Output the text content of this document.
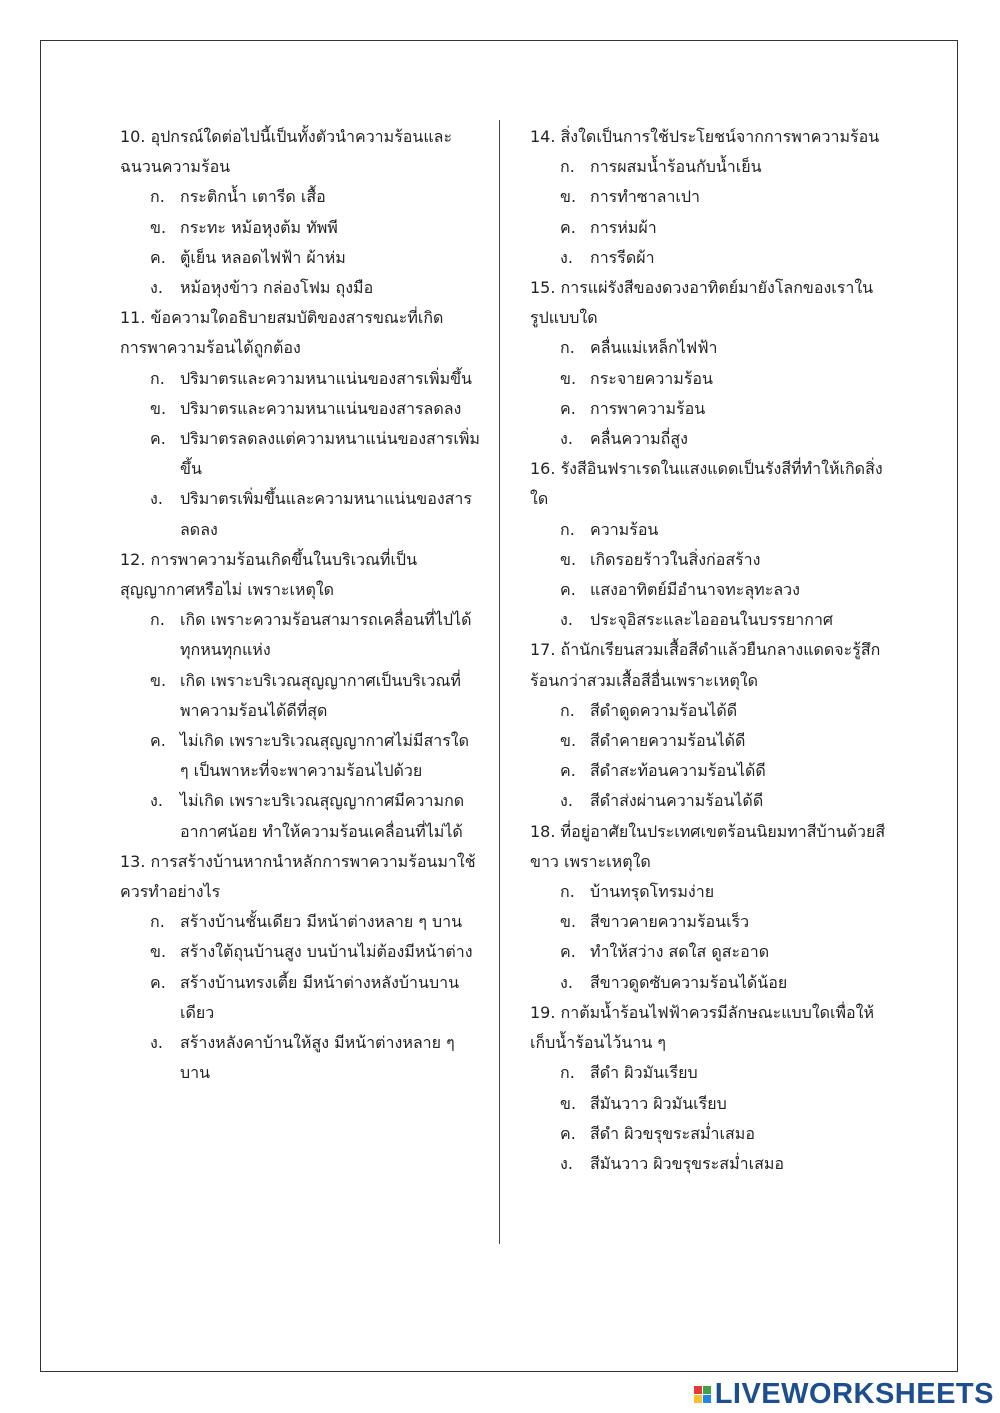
10. อุปกรณ์ใดต่อไปนี้เป็นทั้งตัวนำความร้อนและฉนวนความร้อน
ก. กระติกน้ำ เตารีด เสื้อ
ข. กระทะ หม้อหุงต้ม ทัพพี
ค. ตู้เย็น หลอดไฟฟ้า ผ้าห่ม
ง.	หม้อหุงข้าว กล่องโฟม ถุงมือ
11. ข้อความใดอธิบายสมบัติของสารขณะที่เกิดการพาความร้อนได้ถูกต้อง
ก. ปริมาตรและความหนาแน่นของสารเพิ่มขึ้น
ข. ปริมาตรและความหนาแน่นของสารลดลง
ค. ปริมาตรลดลงแต่ความหนาแน่นของสารเพิ่มขึ้น
ง.	ปริมาตรเพิ่มขึ้นและความหนาแน่นของสารลดลง
12. การพาความร้อนเกิดขึ้นในบริเวณที่เป็นสุญญากาศหรือไม่ เพราะเหตุใด
ก. เกิด เพราะความร้อนสามารถเคลื่อนที่ไปได้ทุกหนทุกแห่ง
ข. เกิด เพราะบริเวณสุญญากาศเป็นบริเวณที่พาความร้อนได้ดีที่สุด
ค. ไม่เกิด เพราะบริเวณสุญญากาศไม่มีสารใด ๆ เป็นพาหะที่จะพาความร้อนไปด้วย
ง.	ไม่เกิด เพราะบริเวณสุญญากาศมีความกดอากาศน้อย ทำให้ความร้อนเคลื่อนที่ไม่ได้
13. การสร้างบ้านหากนำหลักการพาความร้อนมาใช้ควรทำอย่างไร
ก. สร้างบ้านชั้นเดียว มีหน้าต่างหลาย ๆ บาน
ข. สร้างใต้ถุนบ้านสูง บนบ้านไม่ต้องมีหน้าต่าง
ค. สร้างบ้านทรงเตี้ย มีหน้าต่างหลังบ้านบานเดียว
ง.	สร้างหลังคาบ้านให้สูง มีหน้าต่างหลาย ๆ บาน
14. สิ่งใดเป็นการใช้ประโยชน์จากการพาความร้อน
ก. การผสมน้ำร้อนกับน้ำเย็น
ข. การทำซาลาเปา
ค. การห่มผ้า
ง.	การรีดผ้า
15. การแผ่รังสีของดวงอาทิตย์มายังโลกของเราในรูปแบบใด
ก. คลื่นแม่เหล็กไฟฟ้า
ข. กระจายความร้อน
ค. การพาความร้อน
ง.	คลื่นความถี่สูง
16. รังสีอินฟราเรดในแสงแดดเป็นรังสีที่ทำให้เกิดสิ่งใด
ก. ความร้อน
ข. เกิดรอยร้าวในสิ่งก่อสร้าง
ค. แสงอาทิตย์มีอำนาจทะลุทะลวง
ง.	ประจุอิสระและไอออนในบรรยากาศ
17. ถ้านักเรียนสวมเสื้อสีดำแล้วยืนกลางแดดจะรู้สึกร้อนกว่าสวมเสื้อสีอื่นเพราะเหตุใด
ก. สีดำดูดความร้อนได้ดี
ข. สีดำคายความร้อนได้ดี
ค. สีดำสะท้อนความร้อนได้ดี
ง.	สีดำส่งผ่านความร้อนได้ดี
18. ที่อยู่อาศัยในประเทศเขตร้อนนิยมทาสีบ้านด้วยสีขาว เพราะเหตุใด
ก. บ้านทรุดโทรมง่าย
ข. สีขาวคายความร้อนเร็ว
ค. ทำให้สว่าง สดใส ดูสะอาด
ง.	สีขาวดูดซับความร้อนได้น้อย
19. กาต้มน้ำร้อนไฟฟ้าควรมีลักษณะแบบใดเพื่อให้เก็บน้ำร้อนไว้นาน ๆ
ก. สีดำ ผิวมันเรียบ
ข. สีมันวาว ผิวมันเรียบ
ค. สีดำ ผิวขรุขระสม่ำเสมอ
ง.	สีมันวาว ผิวขรุขระสม่ำเสมอ
LIVEWORKSHEETS
